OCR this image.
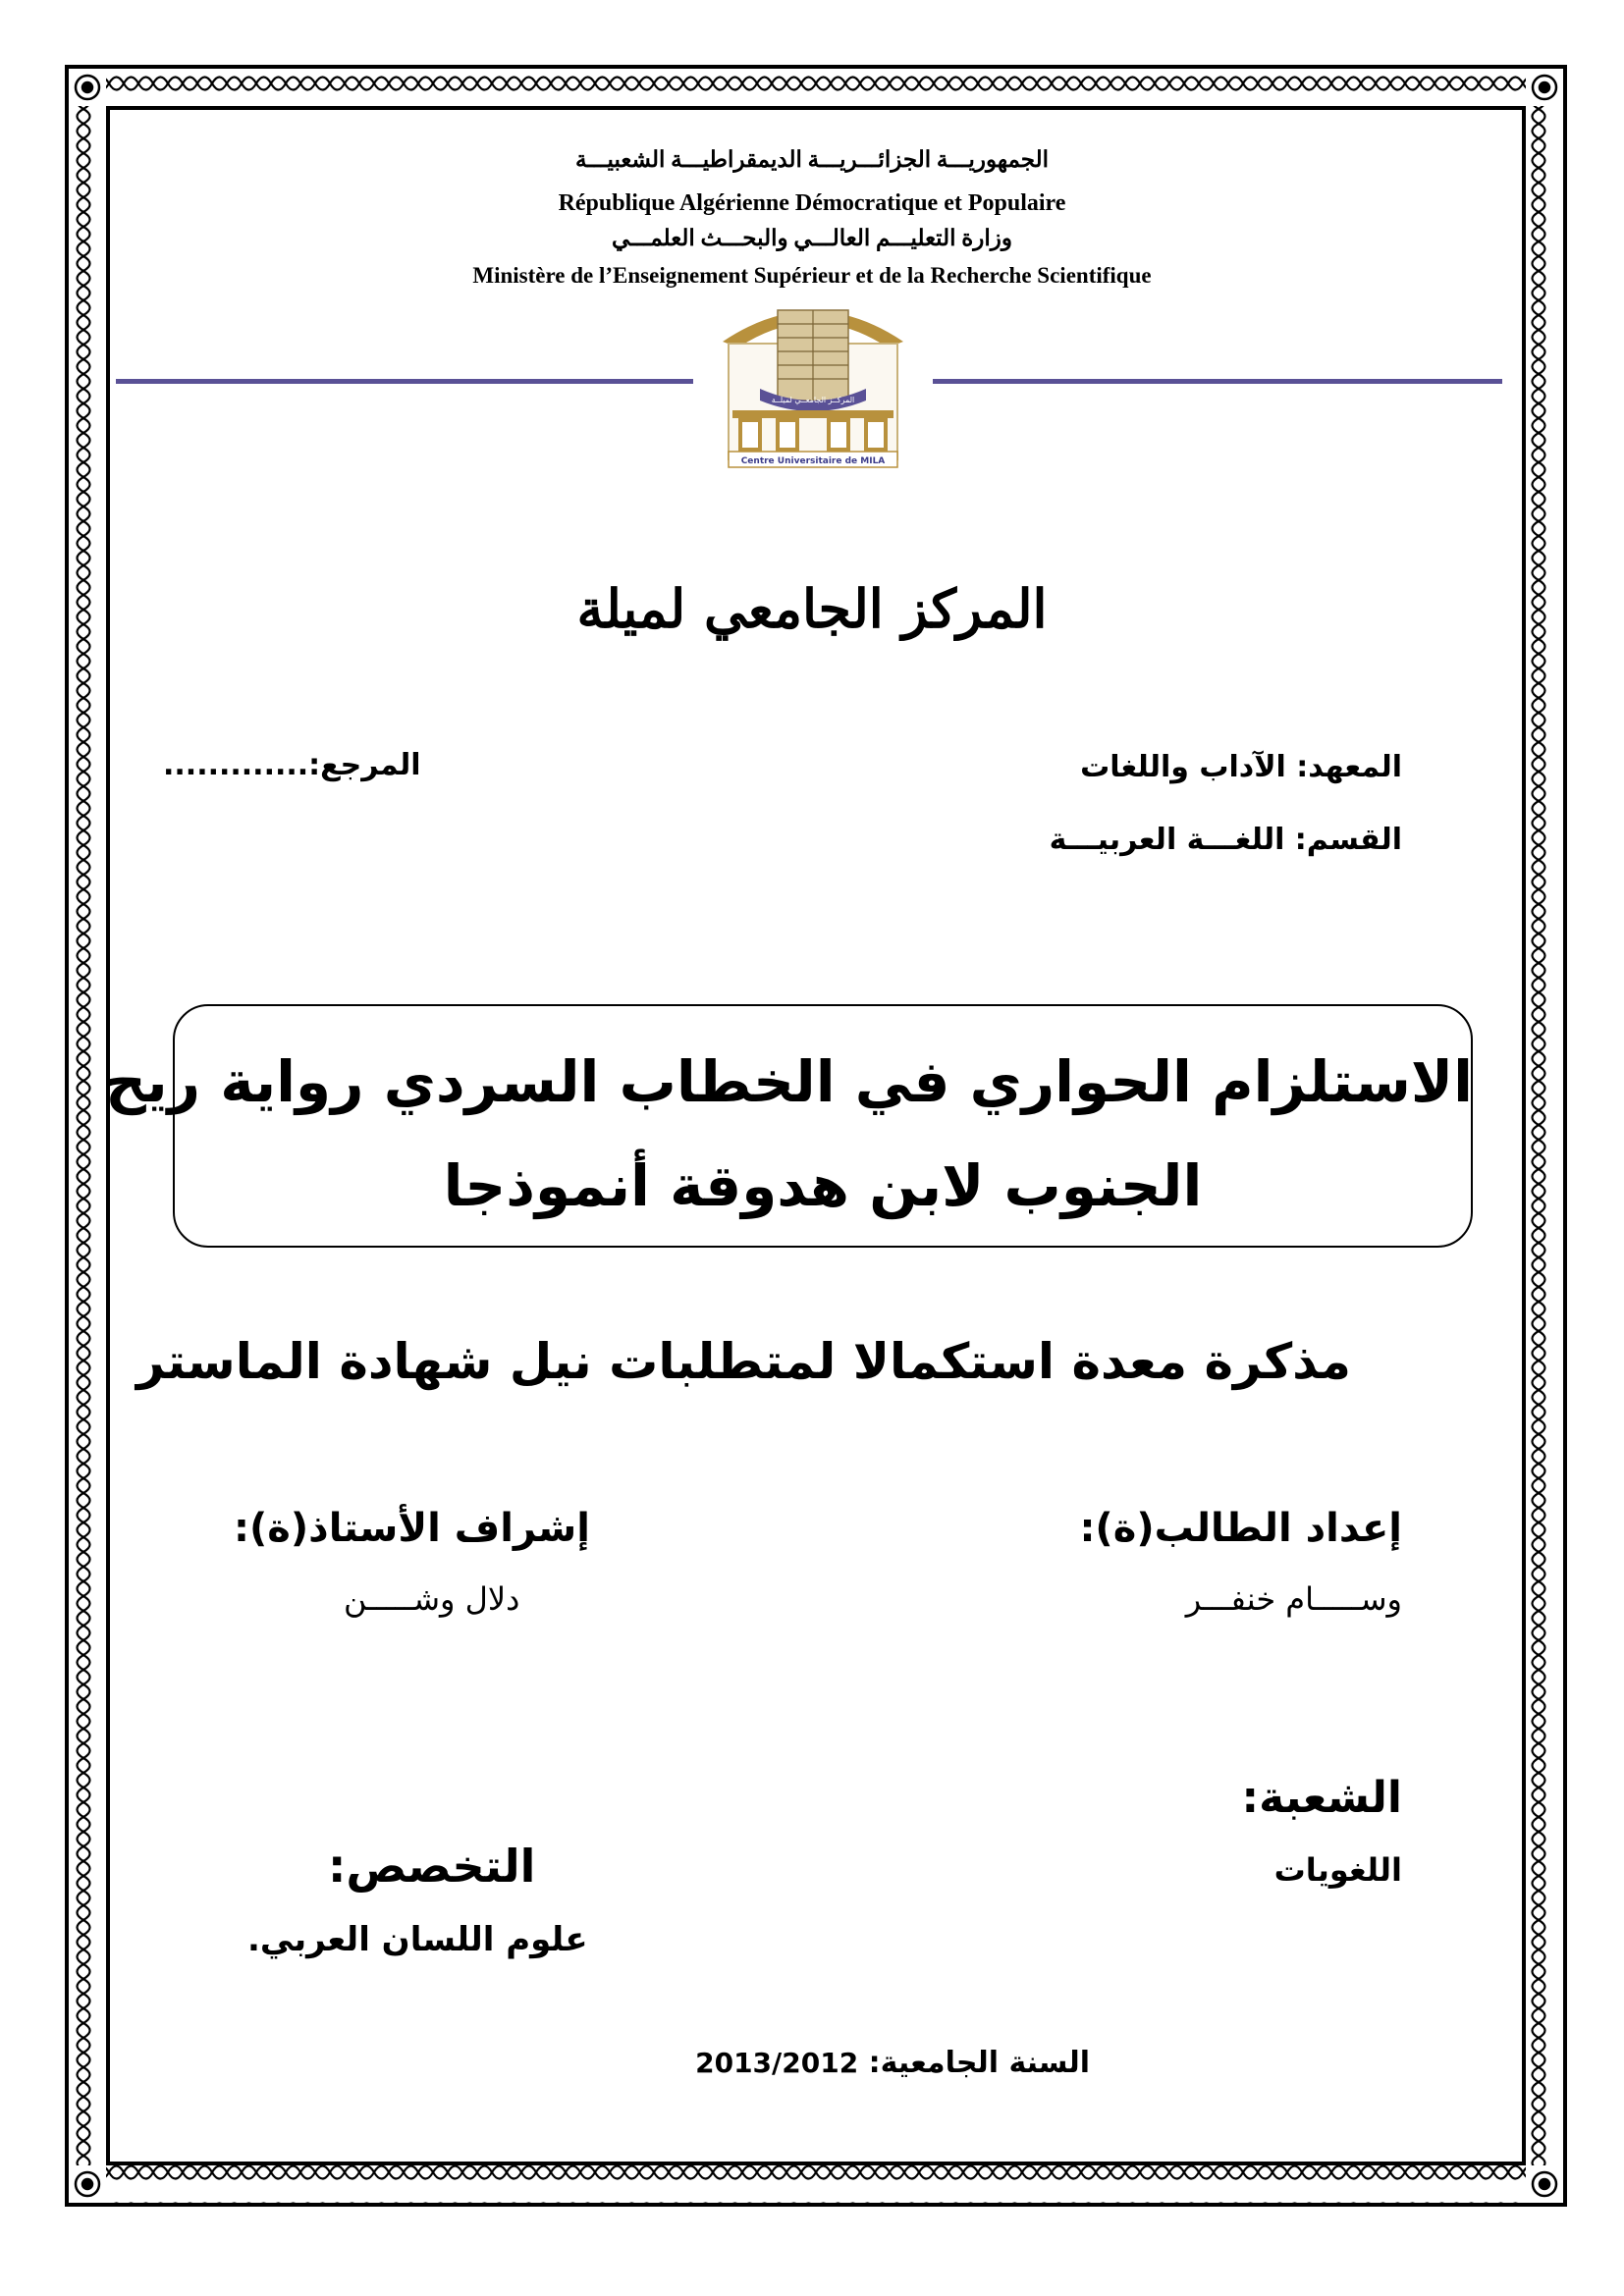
الجمهوريـــة الجزائـــريـــة الديمقراطيـــة الشعبيـــة
République Algérienne Démocratique et Populaire
وزارة التعليـــم العالـــي والبحـــث العلمـــي
Ministère de l’Enseignement Supérieur et de la Recherche Scientifique
المركــز الجامعــي لميلــة
Centre Universitaire de MILA
المركز الجامعي لميلة
المعهد: الآداب واللغات
القسم: اللغـــة العربيـــة
المرجع:.............
الاستلزام الحواري في الخطاب السردي رواية ريح
الجنوب لابن هدوقة أنموذجا
مذكرة معدة استكمالا لمتطلبات نيل شهادة الماستر
إعداد الطالب(ة):
وســـــام خنفـــر
إشراف الأستاذ(ة):
دلال وشـــــن
الشعبة:
اللغويات
التخصص:
علوم اللسان العربي.
السنة الجامعية: 2013/2012
